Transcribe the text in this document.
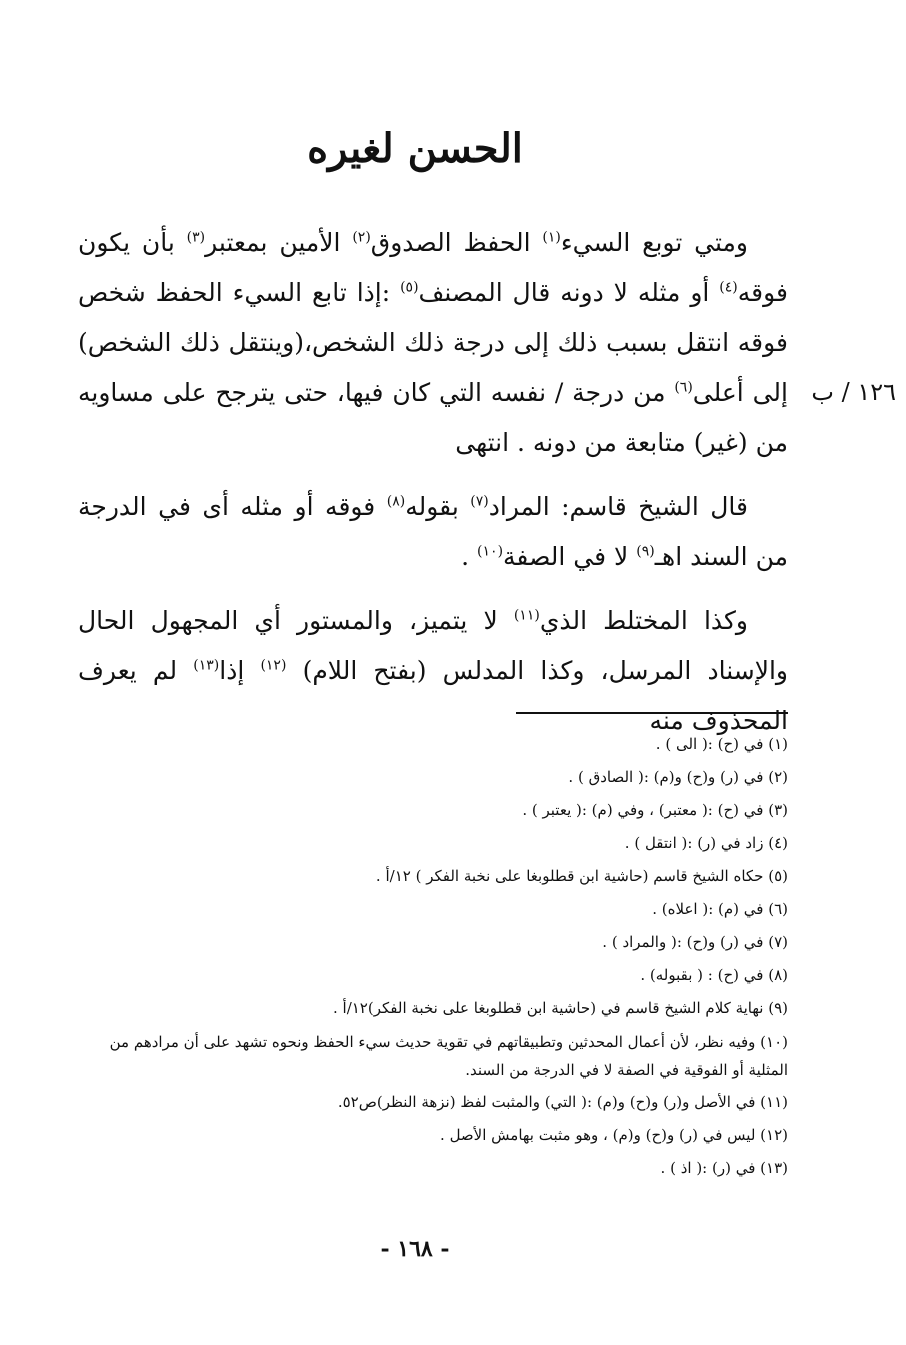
الحسن لغيره
١٢٦ / ب

ومتي توبع السيء$^{(١)}$ الحفظ الصدوق$^{(٢)}$ الأمين بمعتبر$^{(٣)}$ بأن يكون فوقه$^{(٤)}$ أو مثله لا دونه قال المصنف$^{(٥)}$ :إذا تابع السيء الحفظ شخص فوقه انتقل بسبب ذلك إلى درجة ذلك الشخص،(وينتقل ذلك الشخص) إلى أعلى$^{(٦)}$ من درجة / نفسه التي كان فيها، حتى يترجح على مساويه من (غير) متابعة من دونه . انتهى

قال الشيخ قاسم: المراد$^{(٧)}$ بقوله$^{(٨)}$ فوقه أو مثله أى في الدرجة من السند اهـ$^{(٩)}$ لا في الصفة$^{(١٠)}$ .

وكذا المختلط الذي$^{(١١)}$ لا يتميز، والمستور أي المجهول الحال والإسناد المرسل، وكذا المدلس (بفتح اللام) $^{(١٢)}$ إذا$^{(١٣)}$ لم يعرف المحذوف منه

(١) في (ح) :( الى ) .
(٢) في (ر) و(ح) و(م) :( الصادق ) .
(٣) في (ح) :( معتبر) ، وفي (م) :( يعتبر ) .
(٤) زاد في (ر) :( انتقل ) .
(٥) حكاه الشيخ قاسم (حاشية ابن قطلوبغا على نخبة الفكر ) ١٢/أ .
(٦) في (م) :( اعلاه) .
(٧) في (ر) و(ح) :( والمراد ) .
(٨) في (ح) : ( بقبوله) .
(٩) نهاية كلام الشيخ قاسم في (حاشية ابن قطلوبغا على نخبة الفكر)١٢/أ .
(١٠) وفيه نظر، لأن أعمال المحدثين وتطبيقاتهم في تقوية حديث سيء الحفظ ونحوه تشهد على أن مرادهم من المثلية أو الفوقية في الصفة لا في الدرجة من السند.
(١١) في الأصل و(ر) و(ح) و(م) :( التي) والمثبت لفظ (نزهة النظر)ص٥٢.
(١٢) ليس في (ر) و(ح) و(م) ، وهو مثبت بهامش الأصل .
(١٣) في (ر) :( اذ ) .
- ١٦٨ -
